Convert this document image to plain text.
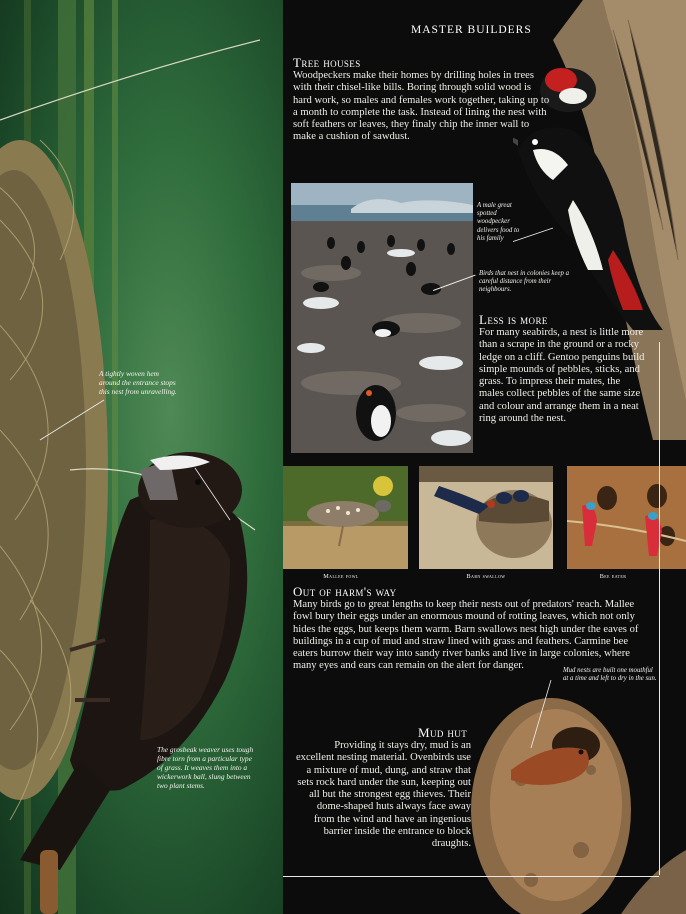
A tightly woven hem around the entrance stops this nest from unravelling.
The grosbeak weaver uses tough fibre torn from a particular type of grass. It weaves them into a wickerwork ball, slung between two plant stems.
MASTER BUILDERS
Tree houses
Woodpeckers make their homes by drilling holes in trees with their chisel-like bills. Boring through solid wood is hard work, so males and females work together, taking up to a month to complete the task. Instead of lining the nest with soft feathers or leaves, they finaly chip the inner wall to make a cushion of sawdust.
A male great spotted woodpecker delivers food to his family
Birds that nest in colonies keep a careful distance from their neighbours.
Less is more
For many seabirds, a nest is little more than a scrape in the ground or a rocky ledge on a cliff. Gentoo penguins build simple mounds of pebbles, sticks, and grass. To impress their mates, the males collect pebbles of the same size and colour and arrange them in a neat ring around the nest.
Mallee fowl	Barn swallow	Bee eater
Out of harm's way
Many birds go to great lengths to keep their nests out of predators' reach. Mallee fowl bury their eggs under an enormous mound of rotting leaves, which not only hides the eggs, but keeps them warm. Barn swallows nest high under the eaves of buildings in a cup of mud and straw lined with grass and feathers. Carmine bee eaters burrow their way into sandy river banks and live in large colonies, where many eyes and ears can remain on the alert for danger.	Mud nests are built one mouthful at a time and left to dry in the sun.
Mud hut
Providing it stays dry, mud is an excellent nesting material. Ovenbirds use a mixture of mud, dung, and straw that sets rock hard under the sun, keeping out all but the strongest egg thieves. Their dome-shaped huts always face away from the wind and have an ingenious barrier inside the entrance to block draughts.
